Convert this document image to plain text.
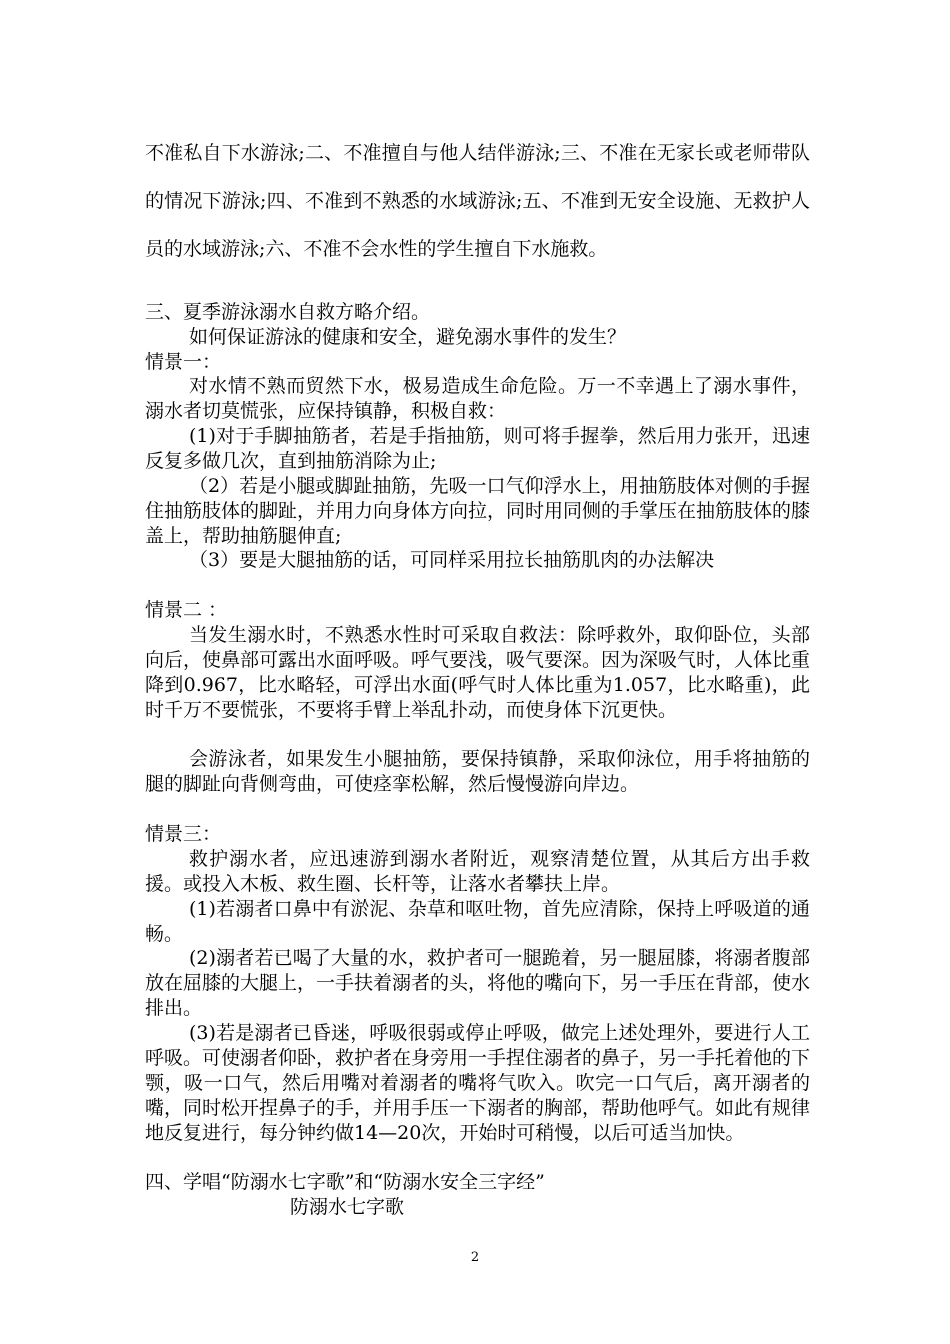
不准私自下水游泳;二、不准擅自与他人结伴游泳;三、不准在无家长或老师带队的情况下游泳;四、不准到不熟悉的水域游泳;五、不准到无安全设施、无救护人员的水域游泳;六、不准不会水性的学生擅自下水施救。
三、夏季游泳溺水自救方略介绍。
如何保证游泳的健康和安全，避免溺水事件的发生？
情景一：
对水情不熟而贸然下水，极易造成生命危险。万一不幸遇上了溺水事件，溺水者切莫慌张，应保持镇静，积极自救：
(1)对于手脚抽筋者，若是手指抽筋，则可将手握拳，然后用力张开，迅速反复多做几次，直到抽筋消除为止;
（2）若是小腿或脚趾抽筋，先吸一口气仰浮水上，用抽筋肢体对侧的手握住抽筋肢体的脚趾，并用力向身体方向拉，同时用同侧的手掌压在抽筋肢体的膝盖上，帮助抽筋腿伸直;
（3）要是大腿抽筋的话，可同样采用拉长抽筋肌肉的办法解决
情景二 ：
当发生溺水时，不熟悉水性时可采取自救法：除呼救外，取仰卧位，头部向后，使鼻部可露出水面呼吸。呼气要浅，吸气要深。因为深吸气时，人体比重降到0.967，比水略轻，可浮出水面(呼气时人体比重为1.057，比水略重)，此时千万不要慌张，不要将手臂上举乱扑动，而使身体下沉更快。
会游泳者，如果发生小腿抽筋，要保持镇静，采取仰泳位，用手将抽筋的腿的脚趾向背侧弯曲，可使痉挛松解，然后慢慢游向岸边。
情景三：
救护溺水者，应迅速游到溺水者附近，观察清楚位置，从其后方出手救援。或投入木板、救生圈、长杆等，让落水者攀扶上岸。
(1)若溺者口鼻中有淤泥、杂草和呕吐物，首先应清除，保持上呼吸道的通畅。
(2)溺者若已喝了大量的水，救护者可一腿跪着，另一腿屈膝，将溺者腹部放在屈膝的大腿上，一手扶着溺者的头，将他的嘴向下，另一手压在背部，使水排出。
(3)若是溺者已昏迷，呼吸很弱或停止呼吸，做完上述处理外，要进行人工呼吸。可使溺者仰卧，救护者在身旁用一手捏住溺者的鼻子，另一手托着他的下颚，吸一口气，然后用嘴对着溺者的嘴将气吹入。吹完一口气后，离开溺者的嘴，同时松开捏鼻子的手，并用手压一下溺者的胸部，帮助他呼气。如此有规律地反复进行，每分钟约做14—20次，开始时可稍慢，以后可适当加快。
四、学唱“防溺水七字歌”和“防溺水安全三字经”
防溺水七字歌
2
